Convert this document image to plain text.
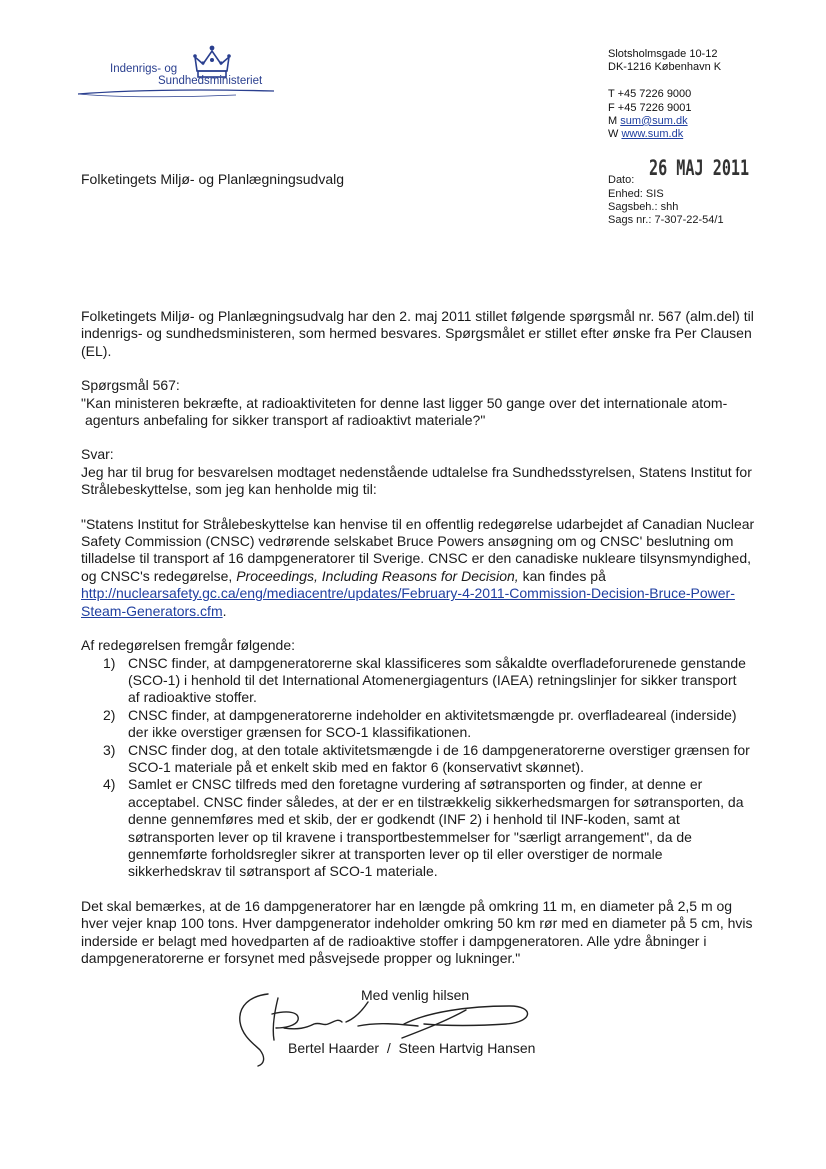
Indenrigs- og
Sundhedsministeriet
Slotsholmsgade 10-12
DK-1216 København K
T +45 7226 9000
F +45 7226 9001
M sum@sum.dk
W www.sum.dk
Folketingets Miljø- og Planlægningsudvalg	Dato: 26 MAJ 2011
Enhed: SIS
Sagsbeh.: shh
Sags nr.: 7-307-22-54/1

Folketingets Miljø- og Planlægningsudvalg har den 2. maj 2011 stillet følgende spørgsmål nr. 567 (alm.del) til
indenrigs- og sundhedsministeren, som hermed besvares. Spørgsmålet er stillet efter ønske fra Per Clausen
(EL).

Spørgsmål 567:
"Kan ministeren bekræfte, at radioaktiviteten for denne last ligger 50 gange over det internationale atom-
agenturs anbefaling for sikker transport af radioaktivt materiale?"

Svar:
Jeg har til brug for besvarelsen modtaget nedenstående udtalelse fra Sundhedsstyrelsen, Statens Institut for
Strålebeskyttelse, som jeg kan henholde mig til:

"Statens Institut for Strålebeskyttelse kan henvise til en offentlig redegørelse udarbejdet af Canadian Nuclear
Safety Commission (CNSC) vedrørende selskabet Bruce Powers ansøgning om og CNSC' beslutning om
tilladelse til transport af 16 dampgeneratorer til Sverige. CNSC er den canadiske nukleare tilsynsmyndighed,
og CNSC's redegørelse, Proceedings, Including Reasons for Decision, kan findes på
http://nuclearsafety.gc.ca/eng/mediacentre/updates/February-4-2011-Commission-Decision-Bruce-Power-
Steam-Generators.cfm.

Af redegørelsen fremgår følgende:

1) CNSC finder, at dampgeneratorerne skal klassificeres som såkaldte overfladeforurenede genstande
(SCO-1) i henhold til det International Atomenergiagenturs (IAEA) retningslinjer for sikker transport
af radioaktive stoffer.
2) CNSC finder, at dampgeneratorerne indeholder en aktivitetsmængde pr. overfladeareal (inderside)
der ikke overstiger grænsen for SCO-1 klassifikationen.
3) CNSC finder dog, at den totale aktivitetsmængde i de 16 dampgeneratorerne overstiger grænsen for
SCO-1 materiale på et enkelt skib med en faktor 6 (konservativt skønnet).
4) Samlet er CNSC tilfreds med den foretagne vurdering af søtransporten og finder, at denne er
acceptabel. CNSC finder således, at der er en tilstrækkelig sikkerhedsmargen for søtransporten, da
denne gennemføres med et skib, der er godkendt (INF 2) i henhold til INF-koden, samt at
søtransporten lever op til kravene i transportbestemmelser for "særligt arrangement", da de
gennemførte forholdsregler sikrer at transporten lever op til eller overstiger de normale
sikkerhedskrav til søtransport af SCO-1 materiale.

Det skal bemærkes, at de 16 dampgeneratorer har en længde på omkring 11 m, en diameter på 2,5 m og
hver vejer knap 100 tons. Hver dampgenerator indeholder omkring 50 km rør med en diameter på 5 cm, hvis
inderside er belagt med hovedparten af de radioaktive stoffer i dampgeneratoren. Alle ydre åbninger i
dampgeneratorerne er forsynet med påsvejsede propper og lukninger."

Med venlig hilsen
Bertel Haarder  /  Steen Hartvig Hansen
